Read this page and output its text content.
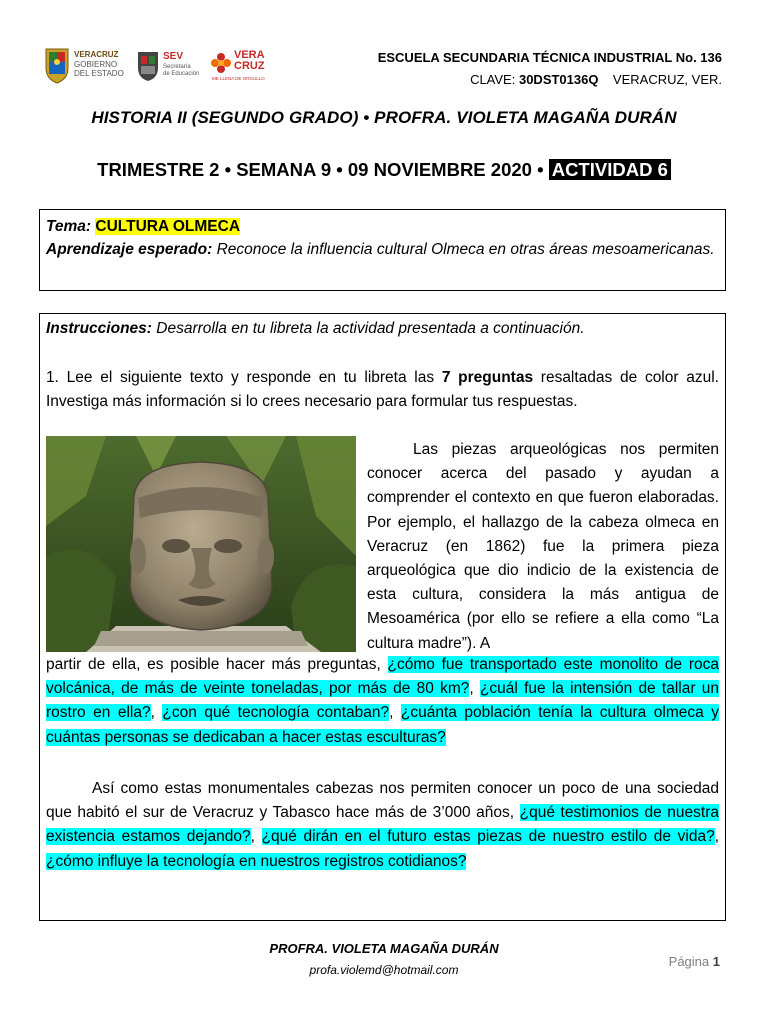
VERACRUZ
GOBIERNO
DEL ESTADO
SEV
Secretaría
de Educación
VERA
CRUZ
ME LLENA DE ORGULLO
ESCUELA SECUNDARIA TÉCNICA INDUSTRIAL No. 136
CLAVE: 30DST0136Q VERACRUZ, VER.
HISTORIA II (SEGUNDO GRADO) • PROFRA. VIOLETA MAGAÑA DURÁN
TRIMESTRE 2 • SEMANA 9 • 09 NOVIEMBRE 2020 • ACTIVIDAD 6
Tema: CULTURA OLMECA
Aprendizaje esperado: Reconoce la influencia cultural Olmeca en otras áreas mesoamericanas.
Instrucciones: Desarrolla en tu libreta la actividad presentada a continuación.
1. Lee el siguiente texto y responde en tu libreta las 7 preguntas resaltadas de color azul. Investiga más información si lo crees necesario para formular tus respuestas.
Las piezas arqueológicas nos permiten conocer acerca del pasado y ayudan a comprender el contexto en que fueron elaboradas. Por ejemplo, el hallazgo de la cabeza olmeca en Veracruz (en 1862) fue la primera pieza arqueológica que dio indicio de la existencia de esta cultura, considera la más antigua de Mesoamérica (por ello se refiere a ella como “La cultura madre”). A
partir de ella, es posible hacer más preguntas, ¿cómo fue transportado este monolito de roca volcánica, de más de veinte toneladas, por más de 80 km?, ¿cuál fue la intensión de tallar un rostro en ella?, ¿con qué tecnología contaban?, ¿cuánta población tenía la cultura olmeca y cuántas personas se dedicaban a hacer estas esculturas?
Así como estas monumentales cabezas nos permiten conocer un poco de una sociedad que habitó el sur de Veracruz y Tabasco hace más de 3’000 años, ¿qué testimonios de nuestra existencia estamos dejando?, ¿qué dirán en el futuro estas piezas de nuestro estilo de vida?, ¿cómo influye la tecnología en nuestros registros cotidianos?
PROFRA. VIOLETA MAGAÑA DURÁN
profa.violemd@hotmail.com
Página 1
